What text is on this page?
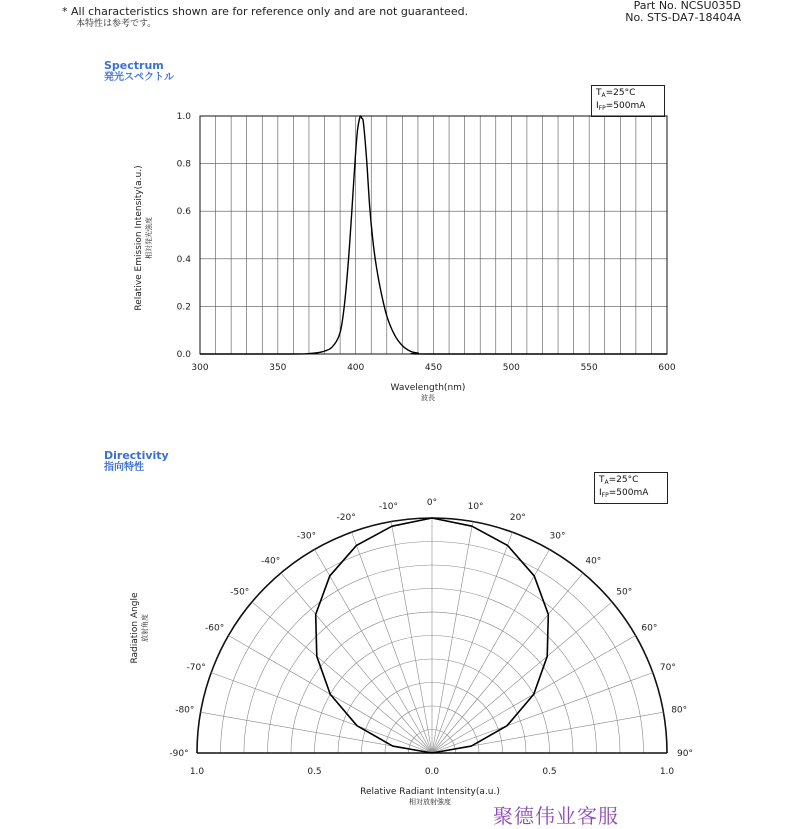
* All characteristics shown are for reference only and are not guaranteed.
本特性は参考です。
Part No. NCSU035D
No. STS-DA7-18404A
Spectrum
発光スペクトル
$T_A=25^\circ C$
$I_{FP}=500mA$
300	350	400	450	500	550	600
0.0
0.2
0.4
0.6
0.8
1.0
Relative Emission Intensity(a.u.) 相対発光強度
Wavelength(nm)
波長
Directivity
指向特性
$T_A=25^\circ C$
$I_{FP}=500mA$
-90°
-80°
-70°
-60°
-50°
-40°
-30°
-20°
-10°	0°	10°
20°
30°
40°
50°
60°
70°
80°
90°
1.0	0.5	0.0	0.5	1.0
Radiation Angle 放射角度
Relative Radiant Intensity(a.u.)
相対放射強度
聚德伟业客服
